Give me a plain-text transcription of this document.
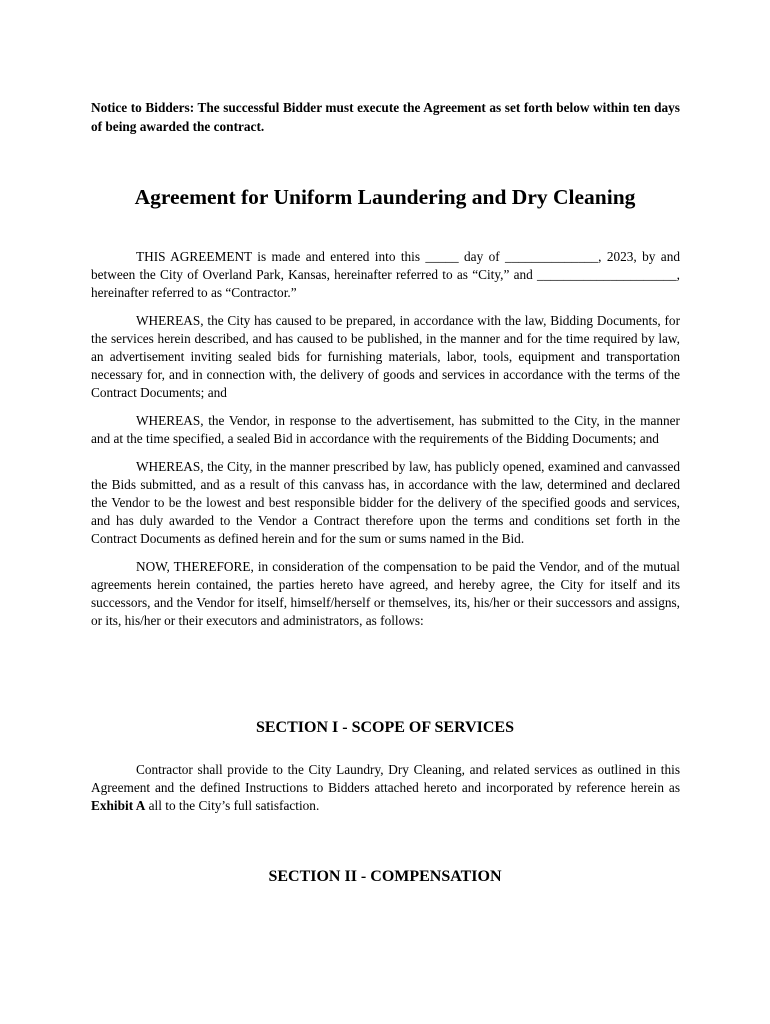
Notice to Bidders: The successful Bidder must execute the Agreement as set forth below within ten days of being awarded the contract.
Agreement for Uniform Laundering and Dry Cleaning

THIS AGREEMENT is made and entered into this _____ day of ______________, 2023, by and between the City of Overland Park, Kansas, hereinafter referred to as “City,” and _____________________, hereinafter referred to as “Contractor.”

WHEREAS, the City has caused to be prepared, in accordance with the law, Bidding Documents, for the services herein described, and has caused to be published, in the manner and for the time required by law, an advertisement inviting sealed bids for furnishing materials, labor, tools, equipment and transportation necessary for, and in connection with, the delivery of goods and services in accordance with the terms of the Contract Documents; and

WHEREAS, the Vendor, in response to the advertisement, has submitted to the City, in the manner and at the time specified, a sealed Bid in accordance with the requirements of the Bidding Documents; and

WHEREAS, the City, in the manner prescribed by law, has publicly opened, examined and canvassed the Bids submitted, and as a result of this canvass has, in accordance with the law, determined and declared the Vendor to be the lowest and best responsible bidder for the delivery of the specified goods and services, and has duly awarded to the Vendor a Contract therefore upon the terms and conditions set forth in the Contract Documents as defined herein and for the sum or sums named in the Bid.

NOW, THEREFORE, in consideration of the compensation to be paid the Vendor, and of the mutual agreements herein contained, the parties hereto have agreed, and hereby agree, the City for itself and its successors, and the Vendor for itself, himself/herself or themselves, its, his/her or their successors and assigns, or its, his/her or their executors and administrators, as follows:

SECTION I - SCOPE OF SERVICES

Contractor shall provide to the City Laundry, Dry Cleaning, and related services as outlined in this Agreement and the defined Instructions to Bidders attached hereto and incorporated by reference herein as Exhibit A all to the City’s full satisfaction.

SECTION II - COMPENSATION
